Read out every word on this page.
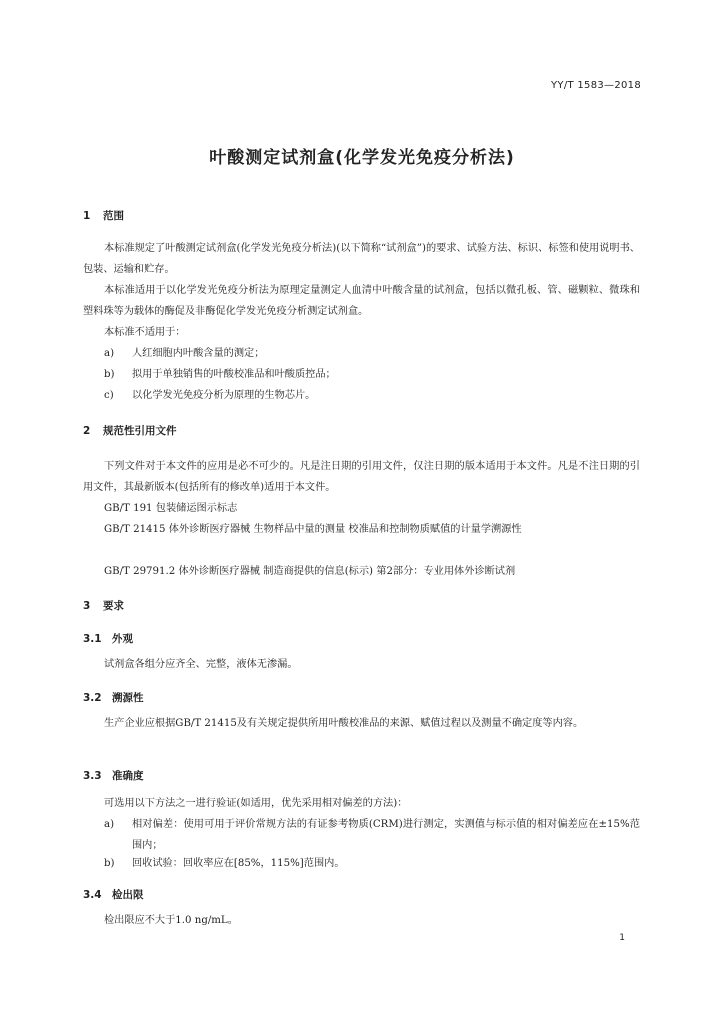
YY/T 1583—2018
叶酸测定试剂盒(化学发光免疫分析法)
1 范围
本标准规定了叶酸测定试剂盒(化学发光免疫分析法)(以下简称“试剂盒”)的要求、试验方法、标识、标签和使用说明书、包装、运输和贮存。
本标准适用于以化学发光免疫分析法为原理定量测定人血清中叶酸含量的试剂盒，包括以微孔板、管、磁颗粒、微珠和塑料珠等为载体的酶促及非酶促化学发光免疫分析测定试剂盒。
本标准不适用于：
a)	人红细胞内叶酸含量的测定；
b)	拟用于单独销售的叶酸校准品和叶酸质控品；
c)	以化学发光免疫分析为原理的生物芯片。
2 规范性引用文件
下列文件对于本文件的应用是必不可少的。凡是注日期的引用文件，仅注日期的版本适用于本文件。凡是不注日期的引用文件，其最新版本(包括所有的修改单)适用于本文件。
GB/T 191 包装储运图示标志
GB/T 21415 体外诊断医疗器械 生物样品中量的测量 校准品和控制物质赋值的计量学溯源性
GB/T 29791.2 体外诊断医疗器械 制造商提供的信息(标示) 第2部分：专业用体外诊断试剂
3 要求
3.1 外观
试剂盒各组分应齐全、完整，液体无渗漏。
3.2 溯源性
生产企业应根据GB/T 21415及有关规定提供所用叶酸校准品的来源、赋值过程以及测量不确定度等内容。
3.3 准确度
可选用以下方法之一进行验证(如适用，优先采用相对偏差的方法)：
a)	相对偏差：使用可用于评价常规方法的有证参考物质(CRM)进行测定，实测值与标示值的相对偏差应在±15%范围内；
b)	回收试验：回收率应在[85%，115%]范围内。
3.4 检出限
检出限应不大于1.0 ng/mL。
1
